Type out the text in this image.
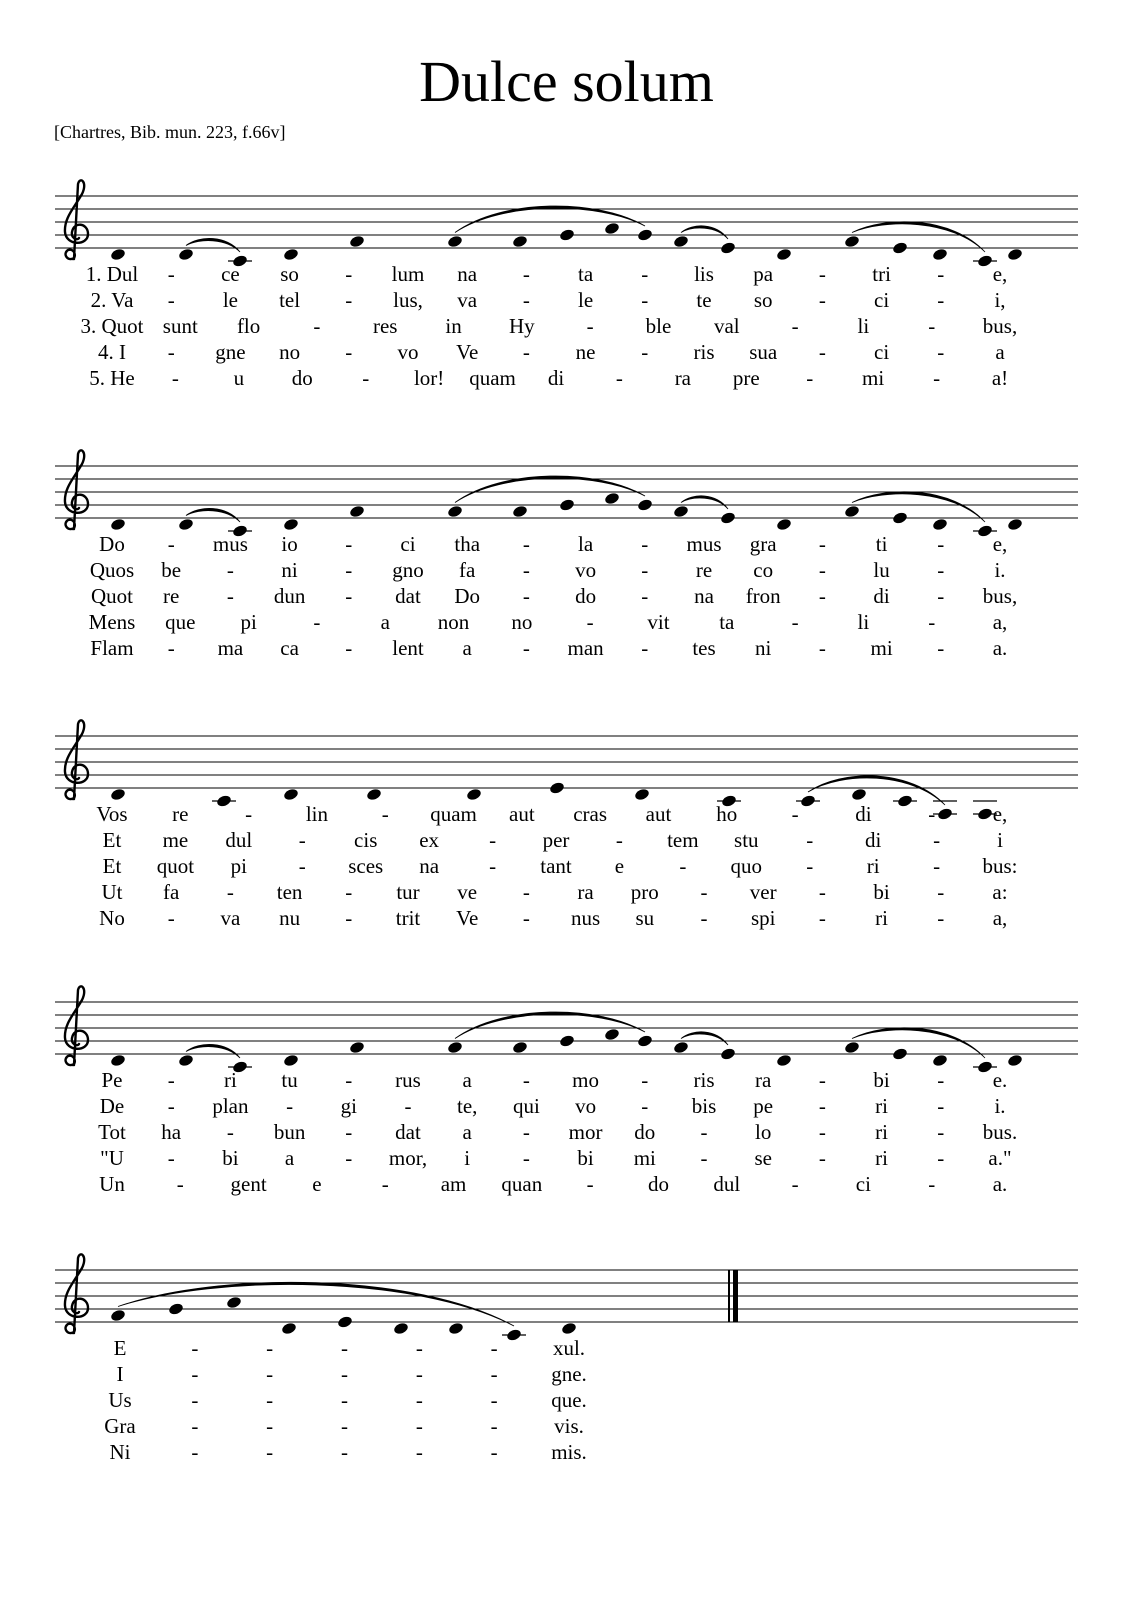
Dulce solum
[Chartres, Bib. mun. 223, f.66v]
1. Dul - ce so - lum na - ta - lis pa - tri - e,
2. Va - le tel - lus, va - le - te so - ci - i,
3. Quot sunt flo	-	res in Hy - ble val -	li	- bus,
4. I - gne no - vo Ve - ne - ris sua - ci - a
5. He -	u do - lor! quam di - ra pre - mi - a!
Do - mus io - ci tha - la - mus gra - ti - e,
Quos be - ni - gno fa - vo - re co - lu - i.
Quot re - dun - dat Do - do - na fron - di - bus,
Mens que pi	-	a non no	-	vit ta	-	li	-	a,
Flam - ma ca - lent a - man - tes ni - mi - a.
Vos re	-	lin	- quam aut cras aut ho	-	di	-	e,
Et me dul - cis ex - per - tem stu - di -	i
Et quot pi - sces na - tant e	- quo -	ri	- bus:
Ut fa - ten - tur ve - ra pro - ver - bi - a:
No - va nu - trit Ve - nus su - spi - ri - a,
Pe - ri tu - rus a - mo - ris ra - bi - e.
De - plan - gi - te, qui vo - bis pe - ri - i.
Tot ha - bun - dat a - mor do - lo - ri - bus.
"U - bi a - mor, i	- bi mi - se - ri - a."
Un - gent e	- am quan -	do dul -	ci	-	a.
E	-	-	-	-	-	xul.
I	-	-	-	-	-	gne.
Us	-	-	-	-	-	que.
Gra	-	-	-	-	-	vis.
Ni	-	-	-	-	-	mis.
